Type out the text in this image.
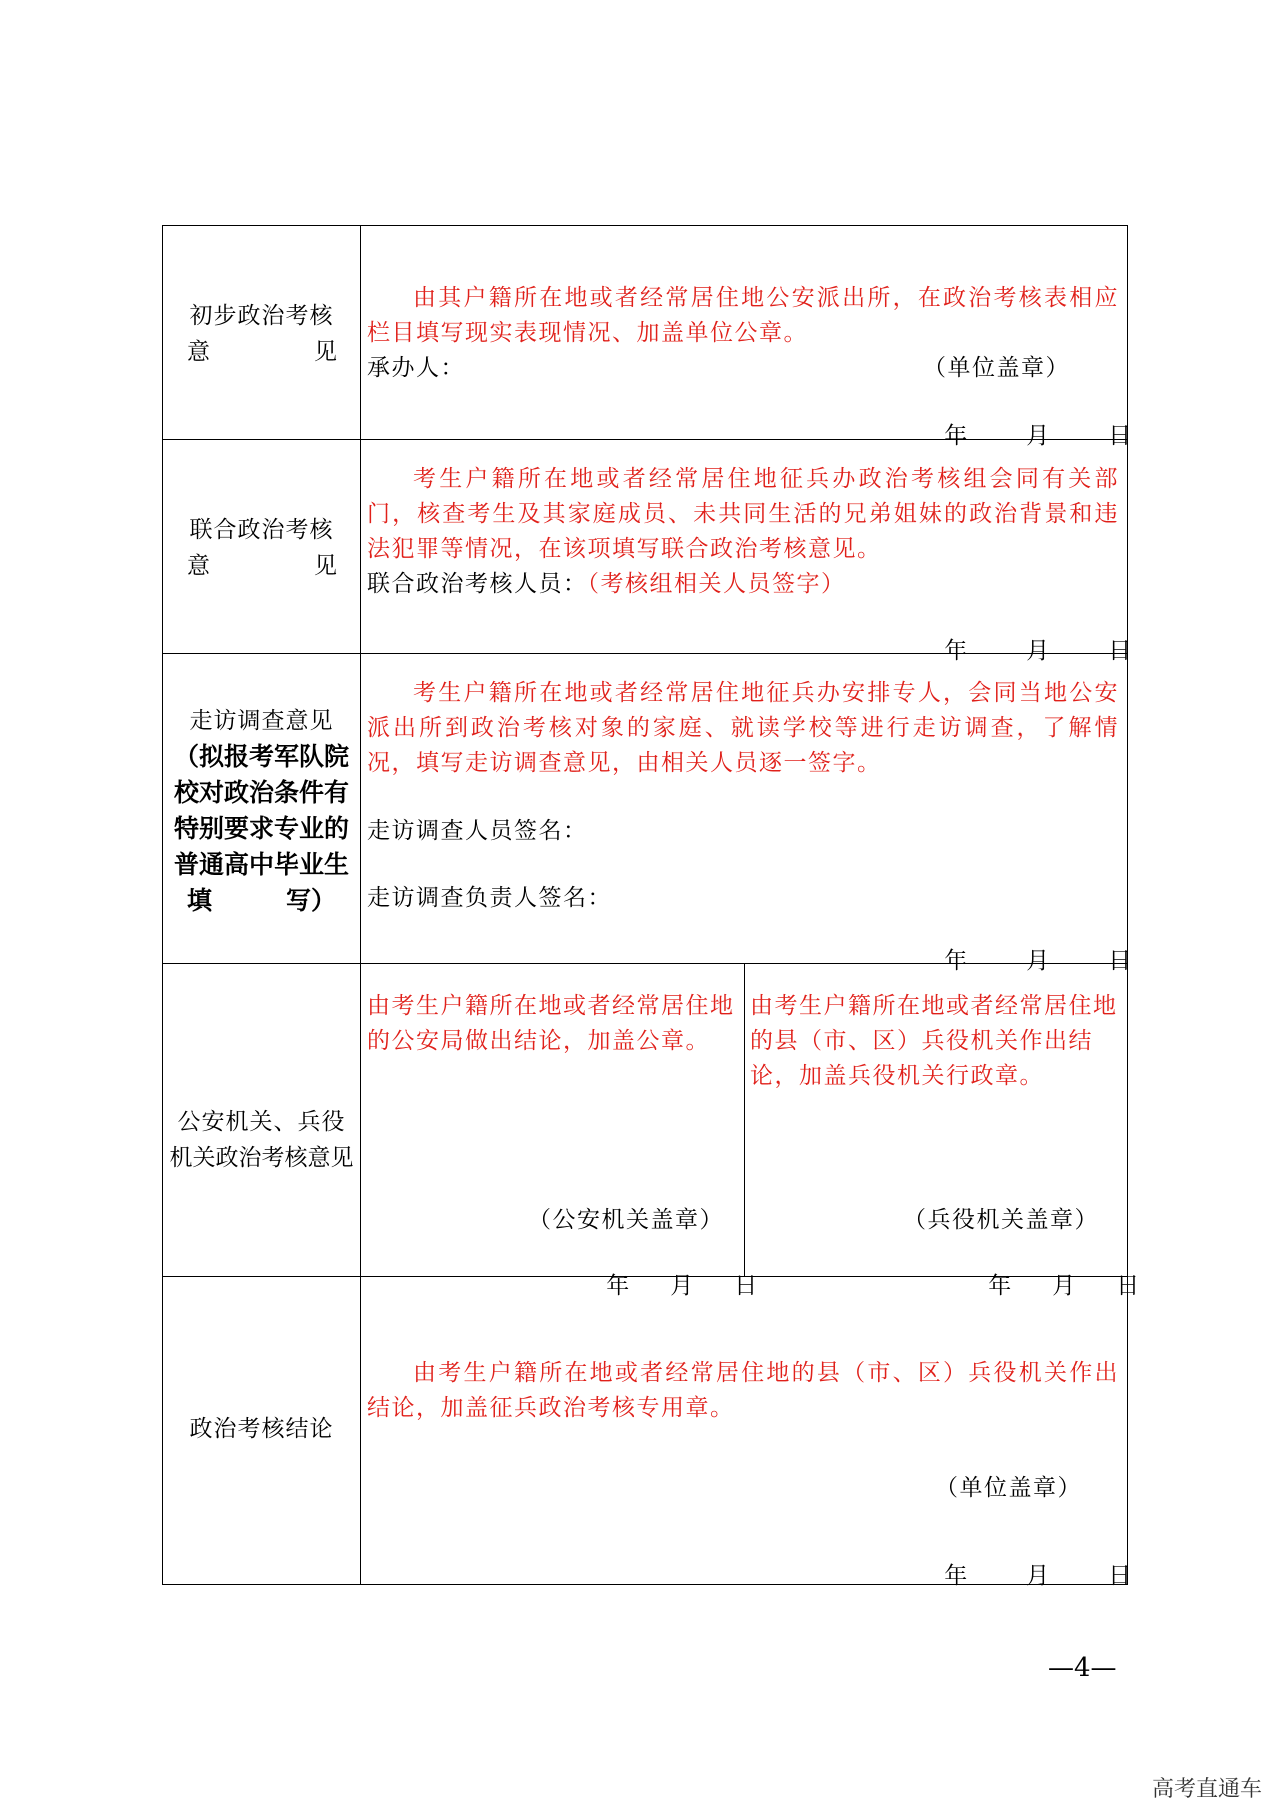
初步政治考核
意	见
由其户籍所在地或者经常居住地公安派出所，在政治考核表相应栏目填写现实表现情况、加盖单位公章。
承办人：	（单位盖章）

年	月	日

联合政治考核
意	见
考生户籍所在地或者经常居住地征兵办政治考核组会同有关部门，核查考生及其家庭成员、未共同生活的兄弟姐妹的政治背景和违法犯罪等情况，在该项填写联合政治考核意见。
联合政治考核人员：（考核组相关人员签字）

年	月	日

走访调查意见
（拟报考军队院
校对政治条件有
特别要求专业的
普通高中毕业生
填	写）
考生户籍所在地或者经常居住地征兵办安排专人，会同当地公安派出所到政治考核对象的家庭、就读学校等进行走访调查，了解情况，填写走访调查意见，由相关人员逐一签字。
走访调查人员签名：
走访调查负责人签名：

年	月	日

公安机关、兵役
机关政治考核意见
由考生户籍所在地或者经常居住地的公安局做出结论，加盖公章。
（公安机关盖章）

年 月 日

由考生户籍所在地或者经常居住地的县（市、区）兵役机关作出结论，加盖兵役机关行政章。
（兵役机关盖章）

年 月 日

政治考核结论
由考生户籍所在地或者经常居住地的县（市、区）兵役机关作出结论，加盖征兵政治考核专用章。
（单位盖章）

年	月	日

—4—
高考直通车
